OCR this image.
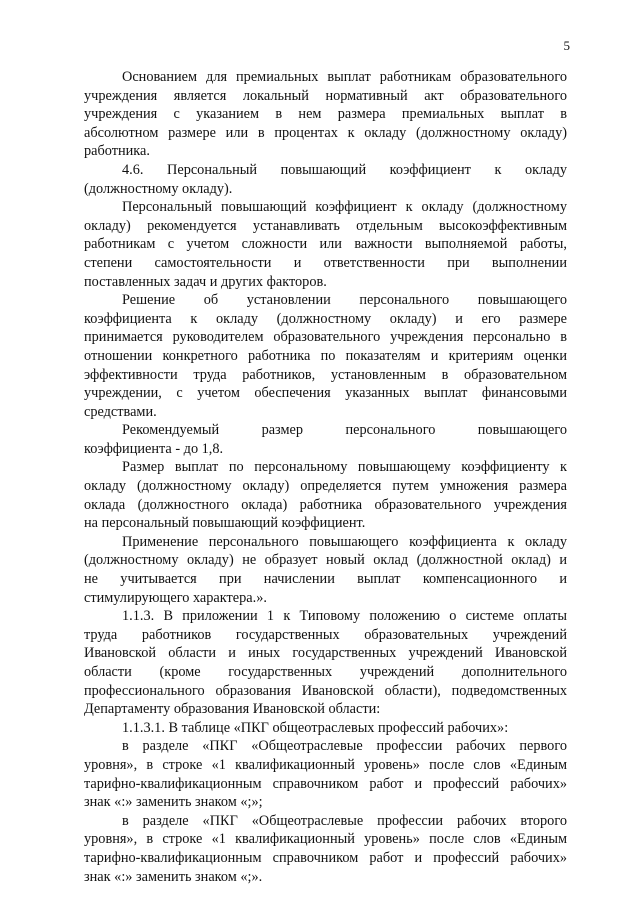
5
Основанием для премиальных выплат работникам образовательного
учреждения является локальный нормативный акт образовательного
учреждения с указанием в нем размера премиальных выплат в
абсолютном размере или в процентах к окладу (должностному окладу)
работника.
4.6. Персональный повышающий коэффициент к окладу
(должностному окладу).
Персональный повышающий коэффициент к окладу (должностному
окладу) рекомендуется устанавливать отдельным высокоэффективным
работникам с учетом сложности или важности выполняемой работы,
степени самостоятельности и ответственности при выполнении
поставленных задач и других факторов.
Решение об установлении персонального повышающего
коэффициента к окладу (должностному окладу) и его размере
принимается руководителем образовательного учреждения персонально в
отношении конкретного работника по показателям и критериям оценки
эффективности труда работников, установленным в образовательном
учреждении, с учетом обеспечения указанных выплат финансовыми
средствами.
Рекомендуемый размер персонального повышающего
коэффициента - до 1,8.
Размер выплат по персональному повышающему коэффициенту к
окладу (должностному окладу) определяется путем умножения размера
оклада (должностного оклада) работника образовательного учреждения
на персональный повышающий коэффициент.
Применение персонального повышающего коэффициента к окладу
(должностному окладу) не образует новый оклад (должностной оклад) и
не учитывается при начислении выплат компенсационного и
стимулирующего характера.».
1.1.3. В приложении 1 к Типовому положению о системе оплаты
труда работников государственных образовательных учреждений
Ивановской области и иных государственных учреждений Ивановской
области (кроме государственных учреждений дополнительного
профессионального образования Ивановской области), подведомственных
Департаменту образования Ивановской области:
1.1.3.1. В таблице «ПКГ общеотраслевых профессий рабочих»:
в разделе «ПКГ «Общеотраслевые профессии рабочих первого
уровня», в строке «1 квалификационный уровень» после слов «Единым
тарифно-квалификационным справочником работ и профессий рабочих»
знак «:» заменить знаком «;»;
в разделе «ПКГ «Общеотраслевые профессии рабочих второго
уровня», в строке «1 квалификационный уровень» после слов «Единым
тарифно-квалификационным справочником работ и профессий рабочих»
знак «:» заменить знаком «;».
